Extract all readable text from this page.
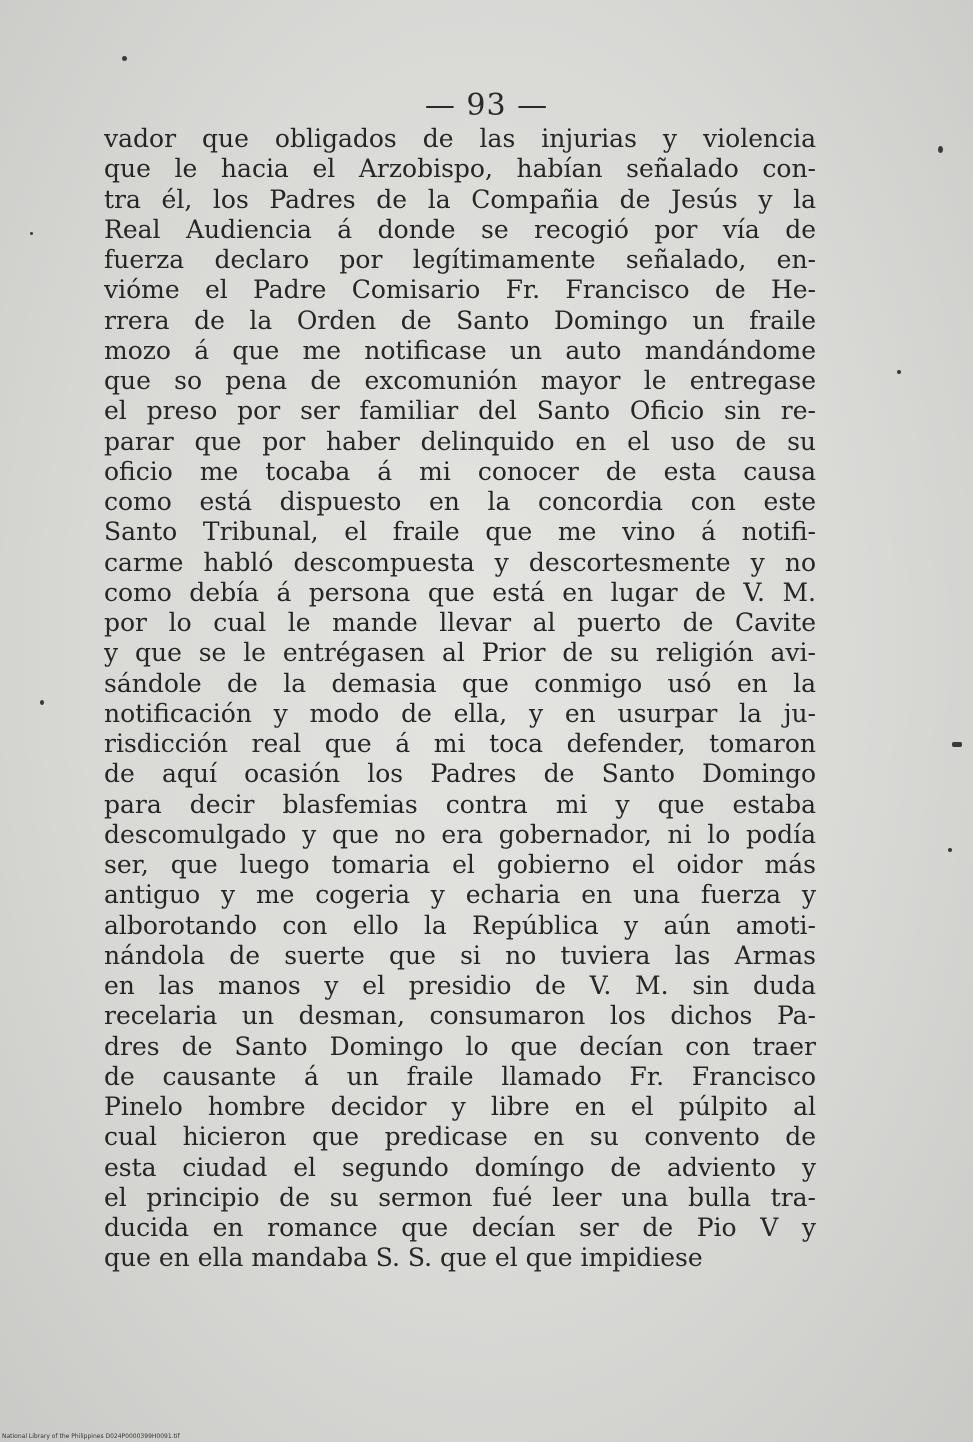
— 93 —

vador que obligados de las injurias y violencia
que le hacia el Arzobispo, habían señalado con-
tra él, los Padres de la Compañia de Jesús y la
Real Audiencia á donde se recogió por vía de
fuerza declaro por legítimamente señalado, en-
vióme el Padre Comisario Fr. Francisco de He-
rrera de la Orden de Santo Domingo un fraile
mozo á que me notificase un auto mandándome
que so pena de excomunión mayor le entregase
el preso por ser familiar del Santo Oficio sin re-
parar que por haber delinquido en el uso de su
oficio me tocaba á mi conocer de esta causa
como está dispuesto en la concordia con este
Santo Tribunal, el fraile que me vino á notifi-
carme habló descompuesta y descortesmente y no
como debía á persona que está en lugar de V. M.
por lo cual le mande llevar al puerto de Cavite
y que se le entrégasen al Prior de su religión avi-
sándole de la demasia que conmigo usó en la
notificación y modo de ella, y en usurpar la ju-
risdicción real que á mi toca defender, tomaron
de aquí ocasión los Padres de Santo Domingo
para decir blasfemias contra mi y que estaba
descomulgado y que no era gobernador, ni lo podía
ser, que luego tomaria el gobierno el oidor más
antiguo y me cogeria y echaria en una fuerza y
alborotando con ello la República y aún amoti-
nándola de suerte que si no tuviera las Armas
en las manos y el presidio de V. M. sin duda
recelaria un desman, consumaron los dichos Pa-
dres de Santo Domingo lo que decían con traer
de causante á un fraile llamado Fr. Francisco
Pinelo hombre decidor y libre en el púlpito al
cual hicieron que predicase en su convento de
esta ciudad el segundo domíngo de adviento y
el principio de su sermon fué leer una bulla tra-
ducida en romance que decían ser de Pio V y
que en ella mandaba S. S. que el que impidiese

National Library of the Philippines D024P0000399H0091.tif
